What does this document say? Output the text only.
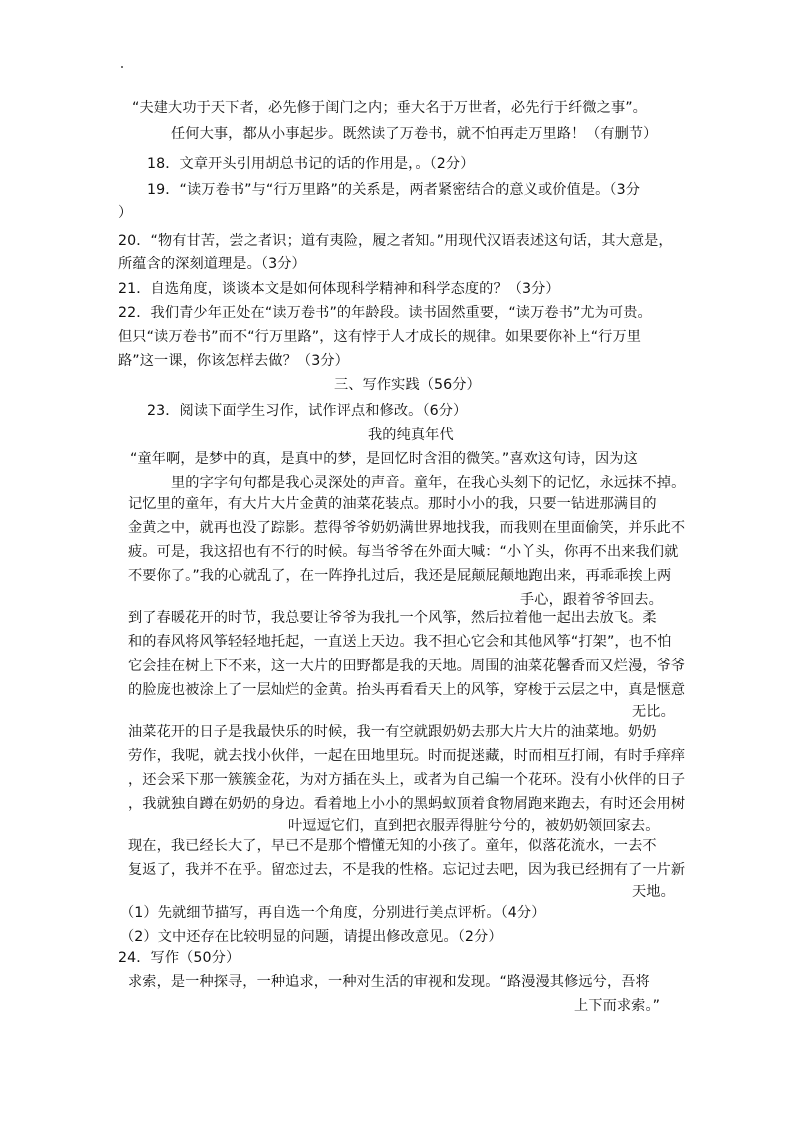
“夫建大功于天下者，必先修于闺门之内；垂大名于万世者，必先行于纤微之事”。
任何大事，都从小事起步。既然读了万卷书，就不怕再走万里路！ （有删节）
18．文章开头引用胡总书记的话的作用是，。（2分）
19．“读万卷书”与“行万里路”的关系是，两者紧密结合的意义或价值是。（3分
）
20．“物有甘苦，尝之者识；道有夷险，履之者知。”用现代汉语表述这句话，其大意是，
所蕴含的深刻道理是。（3分）
21．自选角度，谈谈本文是如何体现科学精神和科学态度的？（3分）
22．我们青少年正处在“读万卷书”的年龄段。读书固然重要，“读万卷书”尤为可贵。
但只“读万卷书”而不“行万里路”，这有悖于人才成长的规律。如果要你补上“行万里
路”这一课，你该怎样去做？（3分）
三、写作实践（56分）
23．阅读下面学生习作，试作评点和修改。（6分）
我的纯真年代
“童年啊，是梦中的真，是真中的梦，是回忆时含泪的微笑。”喜欢这句诗，因为这
里的字字句句都是我心灵深处的声音。童年，在我心头刻下的记忆，永远抹不掉。
记忆里的童年，有大片大片金黄的油菜花装点。那时小小的我，只要一钻进那满目的
金黄之中，就再也没了踪影。惹得爷爷奶奶满世界地找我，而我则在里面偷笑，并乐此不
疲。可是，我这招也有不行的时候。每当爷爷在外面大喊：“小丫头，你再不出来我们就
不要你了。”我的心就乱了，在一阵挣扎过后，我还是屁颠屁颠地跑出来，再乖乖挨上两
手心，跟着爷爷回去。
到了春暖花开的时节，我总要让爷爷为我扎一个风筝，然后拉着他一起出去放飞。柔
和的春风将风筝轻轻地托起，一直送上天边。我不担心它会和其他风筝“打架”，也不怕
它会挂在树上下不来，这一大片的田野都是我的天地。周围的油菜花馨香而又烂漫，爷爷
的脸庞也被涂上了一层灿烂的金黄。抬头再看看天上的风筝，穿梭于云层之中，真是惬意
无比。
油菜花开的日子是我最快乐的时候，我一有空就跟奶奶去那大片大片的油菜地。奶奶
劳作，我呢，就去找小伙伴，一起在田地里玩。时而捉迷藏，时而相互打闹，有时手痒痒
，还会采下那一簇簇金花，为对方插在头上，或者为自己编一个花环。没有小伙伴的日子
，我就独自蹲在奶奶的身边。看着地上小小的黑蚂蚁顶着食物屑跑来跑去，有时还会用树
叶逗逗它们，直到把衣服弄得脏兮兮的，被奶奶领回家去。
现在，我已经长大了，早已不是那个懵懂无知的小孩了。童年，似落花流水，一去不
复返了，我并不在乎。留恋过去，不是我的性格。忘记过去吧，因为我已经拥有了一片新
天地。
（1）先就细节描写，再自选一个角度，分别进行美点评析。（4分）
（2）文中还存在比较明显的问题，请提出修改意见。（2分）
24．写作（50分）
求索，是一种探寻，一种追求，一种对生活的审视和发现。“路漫漫其修远兮，吾将
上下而求索。”
